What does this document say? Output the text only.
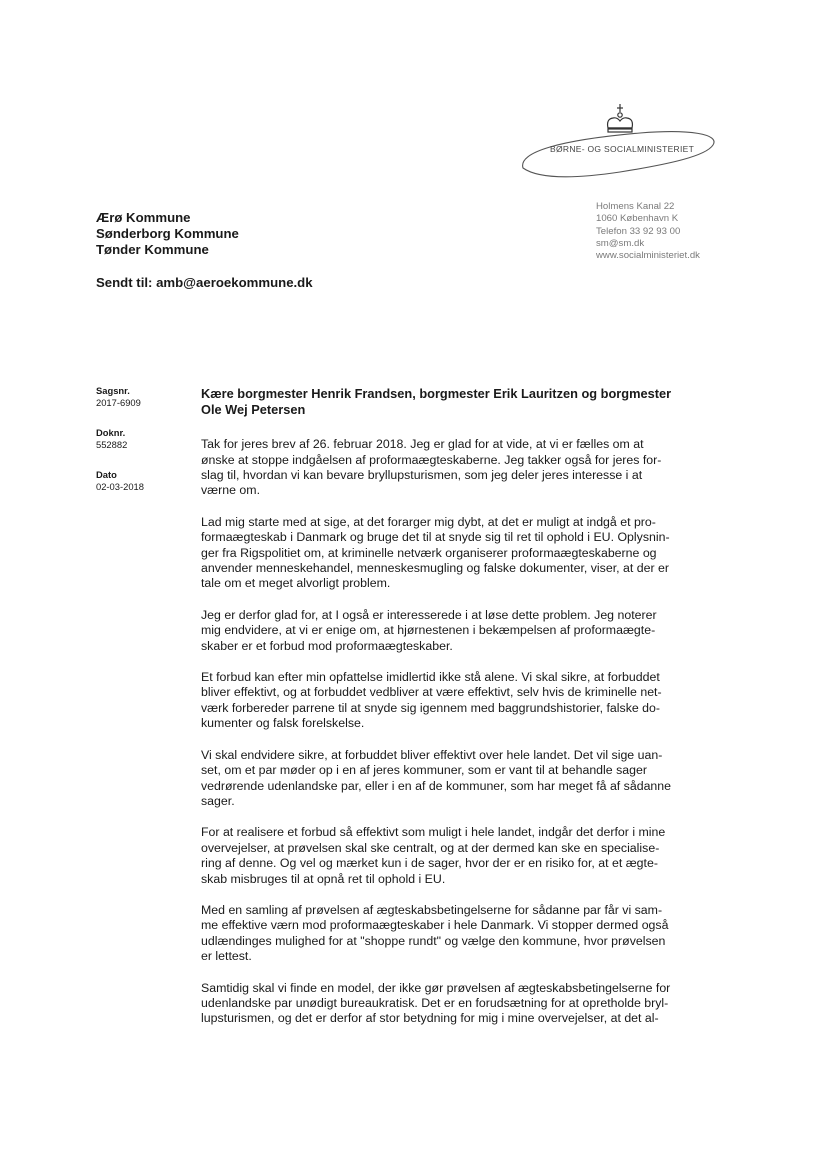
BØRNE- OG SOCIALMINISTERIET
Holmens Kanal 22
1060 København K
Telefon 33 92 93 00
sm@sm.dk
www.socialministeriet.dk
Ærø Kommune
Sønderborg Kommune
Tønder Kommune
Sendt til: amb@aeroekommune.dk
Sagsnr.
2017-6909
Doknr.
552882
Dato
02-03-2018
Kære borgmester Henrik Frandsen, borgmester Erik Lauritzen og borgmester
Ole Wej Petersen
Tak for jeres brev af 26. februar 2018. Jeg er glad for at vide, at vi er fælles om at
ønske at stoppe indgåelsen af proformaægteskaberne. Jeg takker også for jeres for-
slag til, hvordan vi kan bevare bryllupsturismen, som jeg deler jeres interesse i at
værne om.
Lad mig starte med at sige, at det forarger mig dybt, at det er muligt at indgå et pro-
formaægteskab i Danmark og bruge det til at snyde sig til ret til ophold i EU. Oplysnin-
ger fra Rigspolitiet om, at kriminelle netværk organiserer proformaægteskaberne og
anvender menneskehandel, menneskesmugling og falske dokumenter, viser, at der er
tale om et meget alvorligt problem.
Jeg er derfor glad for, at I også er interesserede i at løse dette problem. Jeg noterer
mig endvidere, at vi er enige om, at hjørnestenen i bekæmpelsen af proformaægte-
skaber er et forbud mod proformaægteskaber.
Et forbud kan efter min opfattelse imidlertid ikke stå alene. Vi skal sikre, at forbuddet
bliver effektivt, og at forbuddet vedbliver at være effektivt, selv hvis de kriminelle net-
værk forbereder parrene til at snyde sig igennem med baggrundshistorier, falske do-
kumenter og falsk forelskelse.
Vi skal endvidere sikre, at forbuddet bliver effektivt over hele landet. Det vil sige uan-
set, om et par møder op i en af jeres kommuner, som er vant til at behandle sager
vedrørende udenlandske par, eller i en af de kommuner, som har meget få af sådanne
sager.
For at realisere et forbud så effektivt som muligt i hele landet, indgår det derfor i mine
overvejelser, at prøvelsen skal ske centralt, og at der dermed kan ske en specialise-
ring af denne. Og vel og mærket kun i de sager, hvor der er en risiko for, at et ægte-
skab misbruges til at opnå ret til ophold i EU.
Med en samling af prøvelsen af ægteskabsbetingelserne for sådanne par får vi sam-
me effektive værn mod proformaægteskaber i hele Danmark. Vi stopper dermed også
udlændinges mulighed for at "shoppe rundt" og vælge den kommune, hvor prøvelsen
er lettest.
Samtidig skal vi finde en model, der ikke gør prøvelsen af ægteskabsbetingelserne for
udenlandske par unødigt bureaukratisk. Det er en forudsætning for at opretholde bryl-
lupsturismen, og det er derfor af stor betydning for mig i mine overvejelser, at det al-
